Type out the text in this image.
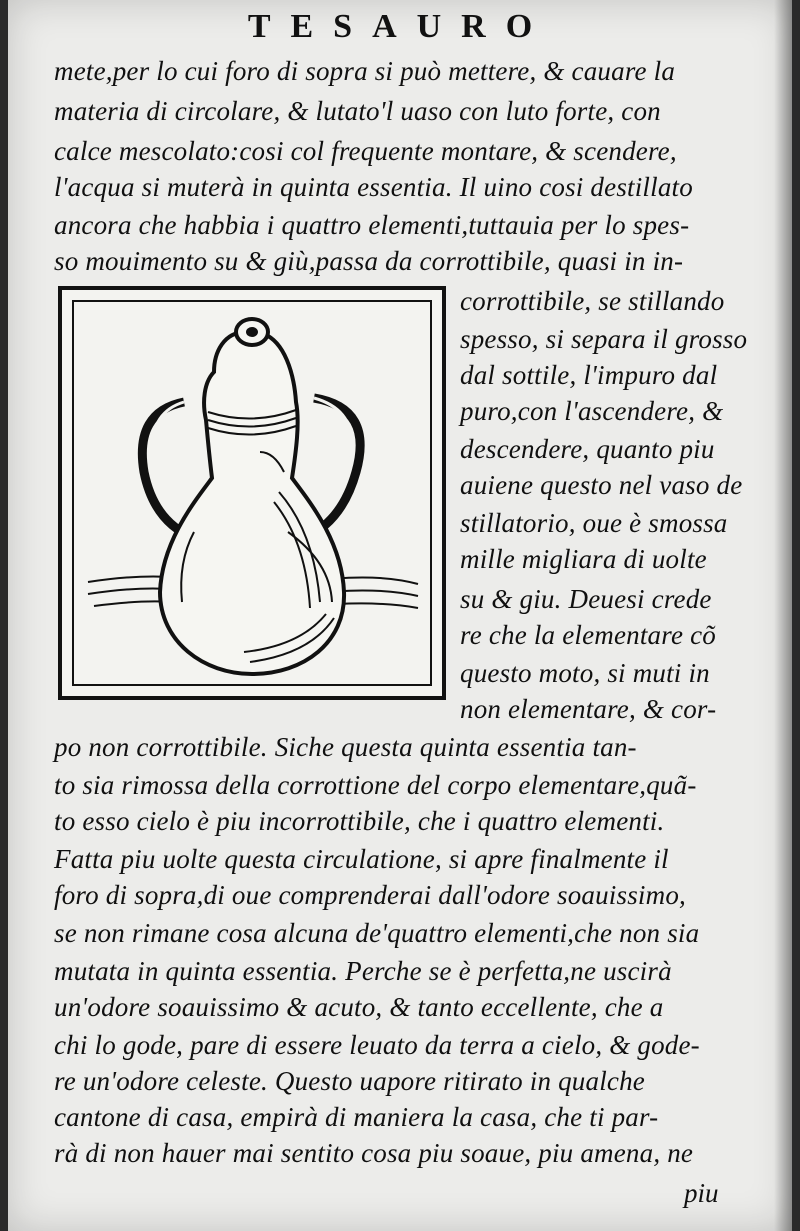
TESAURO
mete,per lo cui foro di sopra si può mettere, & cauare la
materia di circolare, & lutato'l uaso con luto forte, con
calce mescolato:cosi col frequente montare, & scendere,
l'acqua si muterà in quinta essentia. Il uino cosi destillato
ancora che habbia i quattro elementi,tuttauia per lo spes-
so mouimento su & giù,passa da corrottibile, quasi in in-
corrottibile, se stillando
spesso, si separa il grosso
dal sottile, l'impuro dal
puro,con l'ascendere, &
descendere, quanto piu
auiene questo nel vaso de
stillatorio, oue è smossa
mille migliara di uolte
su & giu. Deuesi crede
re che la elementare cõ
questo moto, si muti in
non elementare, & cor-
po non corrottibile. Siche questa quinta essentia tan-
to sia rimossa della corrottione del corpo elementare,quã-
to esso cielo è piu incorrottibile, che i quattro elementi.
Fatta piu uolte questa circulatione, si apre finalmente il
foro di sopra,di oue comprenderai dall'odore soauissimo,
se non rimane cosa alcuna de'quattro elementi,che non sia
mutata in quinta essentia. Perche se è perfetta,ne uscirà
un'odore soauissimo & acuto, & tanto eccellente, che a
chi lo gode, pare di essere leuato da terra a cielo, & gode-
re un'odore celeste. Questo uapore ritirato in qualche
cantone di casa, empirà di maniera la casa, che ti par-
rà di non hauer mai sentito cosa piu soaue, piu amena, ne
piu
